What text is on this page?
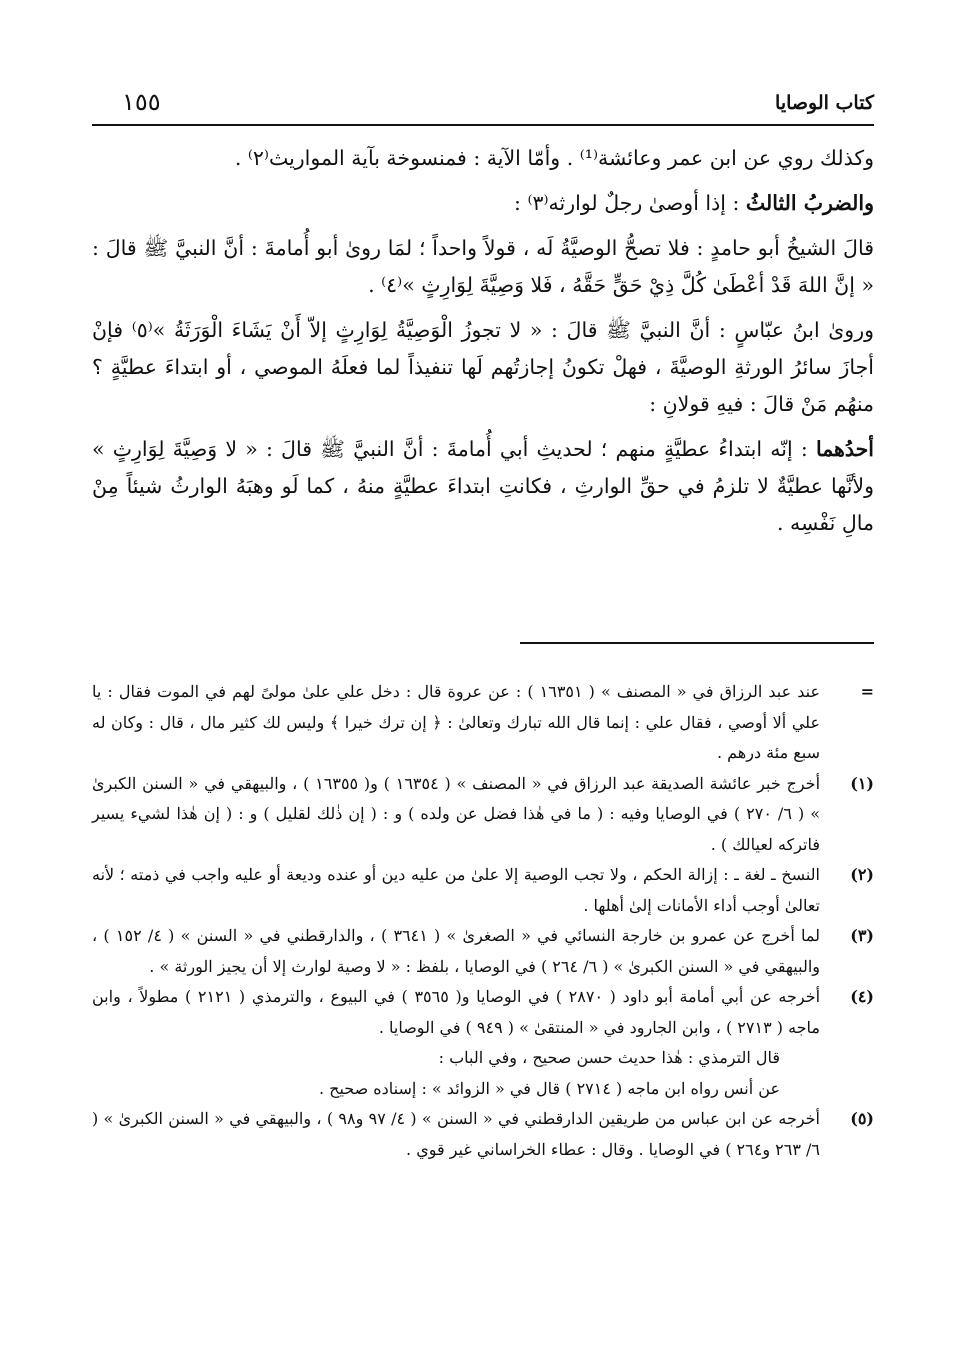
كتاب الوصايا
١٥٥

وكذلك روي عن ابن عمر وعائشة⁽¹⁾ . وأمّا الآية : فمنسوخة بآية المواريث⁽٢⁾ .

والضربُ الثالثُ : إذا أوصىٰ رجلٌ لوارثه⁽٣⁾ :

قالَ الشيخُ أبو حامدٍ : فلا تصحُّ الوصيَّةُ لَه ، قولاً واحداً ؛ لمَا روىٰ أبو أُمامةَ : أنَّ النبيَّ ﷺ قالَ : « إنَّ اللهَ قَدْ أعْطَىٰ كُلَّ ذِيْ حَقٍّ حَقَّهُ ، فَلا وَصِيَّةَ لِوَارِثٍ »⁽٤⁾ .

وروىٰ ابنُ عبّاسٍ : أنَّ النبيَّ ﷺ قالَ : « لا تجوزُ الْوَصِيَّةُ لِوَارِثٍ إلاّ أَنْ يَشَاءَ الْوَرَثَةُ »⁽٥⁾ فإنْ أجازَ سائرُ الورثةِ الوصيَّةَ ، فهلْ تكونُ إجازتُهم لَها تنفيذاً لما فعلَهُ الموصي ، أو ابتداءَ عطيَّةٍ ؟ منهُم مَنْ قالَ : فيهِ قولانِ :

أحدُهما : إنّه ابتداءُ عطيَّةٍ منهم ؛ لحديثِ أبي أُمامةَ : أنَّ النبيَّ ﷺ قالَ : « لا وَصِيَّةَ لِوَارِثٍ » ولأنَّها عطيَّةٌ لا تلزمُ في حقِّ الوارثِ ، فكانتِ ابتداءَ عطيَّةٍ منهُ ، كما لَو وهبَهُ الوارثُ شيئاً مِنْ مالِ نَفْسِه .

=
عند عبد الرزاق في « المصنف » ( ١٦٣٥١ ) : عن عروة قال : دخل علي علىٰ مولىً لهم في الموت فقال : يا علي ألا أوصي ، فقال علي : إنما قال الله تبارك وتعالىٰ : ﴿ إن ترك خيرا ﴾ وليس لك كثير مال ، قال : وكان له سبع مئة درهم .
(١)
أخرج خبر عائشة الصديقة عبد الرزاق في « المصنف » ( ١٦٣٥٤ ) و( ١٦٣٥٥ ) ، والبيهقي في « السنن الكبرىٰ » ( ٦/ ٢٧٠ ) في الوصايا وفيه : ( ما في هٰذا فضل عن ولده ) و : ( إن ذٰلك لقليل ) و : ( إن هٰذا لشيء يسير فاتركه لعيالك ) .
(٢)
النسخ ـ لغة ـ : إزالة الحكم ، ولا تجب الوصية إلا علىٰ من عليه دين أو عنده وديعة أو عليه واجب في ذمته ؛ لأنه تعالىٰ أوجب أداء الأمانات إلىٰ أهلها .
(٣)
لما أخرج عن عمرو بن خارجة النسائي في « الصغرىٰ » ( ٣٦٤١ ) ، والدارقطني في « السنن » ( ٤/ ١٥٢ ) ، والبيهقي في « السنن الكبرىٰ » ( ٦/ ٢٦٤ ) في الوصايا ، بلفظ : « لا وصية لوارث إلا أن يجيز الورثة » .
(٤)
أخرجه عن أبي أمامة أبو داود ( ٢٨٧٠ ) في الوصايا و( ٣٥٦٥ ) في البيوع ، والترمذي ( ٢١٢١ ) مطولاً ، وابن ماجه ( ٢٧١٣ ) ، وابن الجارود في « المنتقىٰ » ( ٩٤٩ ) في الوصايا .
قال الترمذي : هٰذا حديث حسن صحيح ، وفي الباب :
عن أنس رواه ابن ماجه ( ٢٧١٤ ) قال في « الزوائد » : إسناده صحيح .
(٥)
أخرجه عن ابن عباس من طريقين الدارقطني في « السنن » ( ٤/ ٩٧ و٩٨ ) ، والبيهقي في « السنن الكبرىٰ » ( ٦/ ٢٦٣ و٢٦٤ ) في الوصايا . وقال : عطاء الخراساني غير قوي .
